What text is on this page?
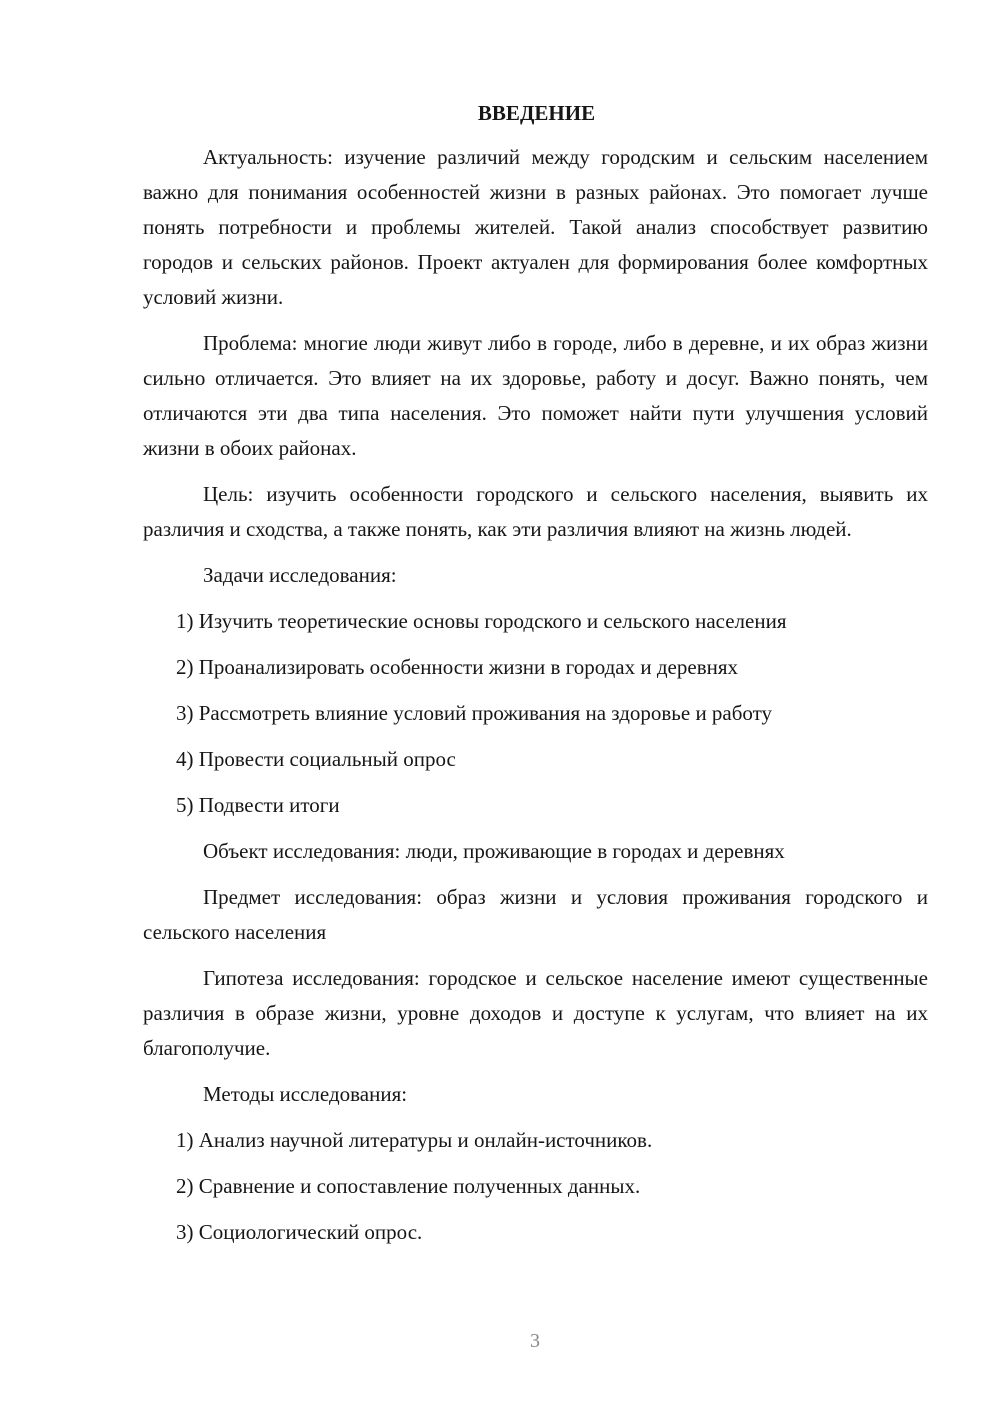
ВВЕДЕНИЕ

Актуальность: изучение различий между городским и сельским населением важно для понимания особенностей жизни в разных районах. Это помогает лучше понять потребности и проблемы жителей. Такой анализ способствует развитию городов и сельских районов. Проект актуален для формирования более комфортных условий жизни.

Проблема: многие люди живут либо в городе, либо в деревне, и их образ жизни сильно отличается. Это влияет на их здоровье, работу и досуг. Важно понять, чем отличаются эти два типа населения. Это поможет найти пути улучшения условий жизни в обоих районах.

Цель: изучить особенности городского и сельского населения, выявить их различия и сходства, а также понять, как эти различия влияют на жизнь людей.

Задачи исследования:

1) Изучить теоретические основы городского и сельского населения

2) Проанализировать особенности жизни в городах и деревнях

3) Рассмотреть влияние условий проживания на здоровье и работу

4) Провести социальный опрос

5) Подвести итоги

Объект исследования: люди, проживающие в городах и деревнях

Предмет исследования: образ жизни и условия проживания городского и сельского населения

Гипотеза исследования: городское и сельское население имеют существенные различия в образе жизни, уровне доходов и доступе к услугам, что влияет на их благополучие.

Методы исследования:

1) Анализ научной литературы и онлайн-источников.

2) Сравнение и сопоставление полученных данных.

3) Социологический опрос.

3
